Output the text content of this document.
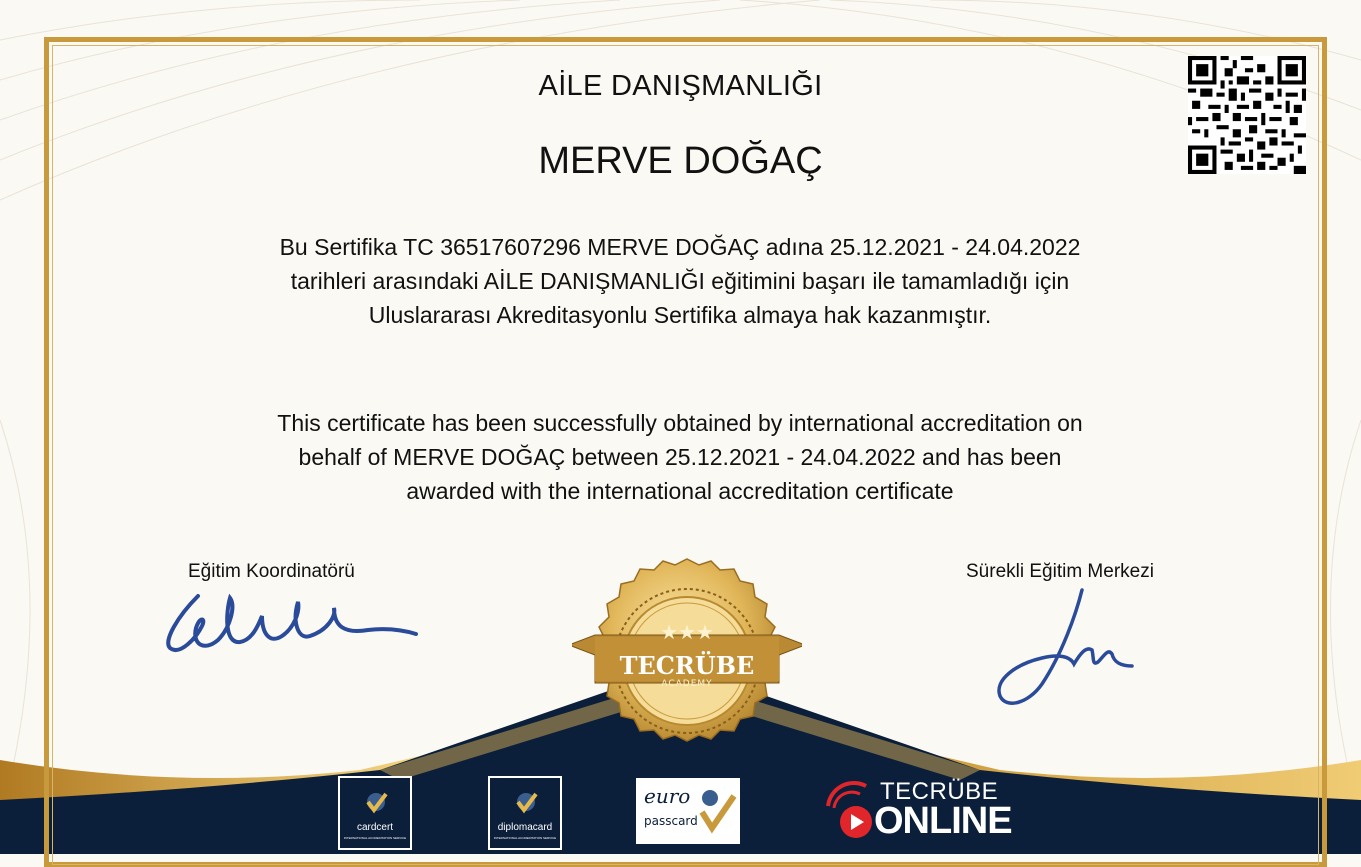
AİLE DANIŞMANLIĞI
MERVE DOĞAÇ
Bu Sertifika TC 36517607296 MERVE DOĞAÇ adına 25.12.2021 - 24.04.2022
tarihleri arasındaki AİLE DANIŞMANLIĞI eğitimini başarı ile tamamladığı için
Uluslararası Akreditasyonlu Sertifika almaya hak kazanmıştır.
This certificate has been successfully obtained by international accreditation on
behalf of MERVE DOĞAÇ between 25.12.2021 - 24.04.2022 and has been
awarded with the international accreditation certificate
Eğitim Koordinatörü	Sürekli Eğitim Merkezi
★★★
TECRÜBE
ACADEMY
cardcert
INTERNATIONAL ACCREDITATION SERVICE
diplomacard
INTERNATIONAL ACCREDITATION SERVICE
euro
passcard
TECRÜBE
ONLINE
